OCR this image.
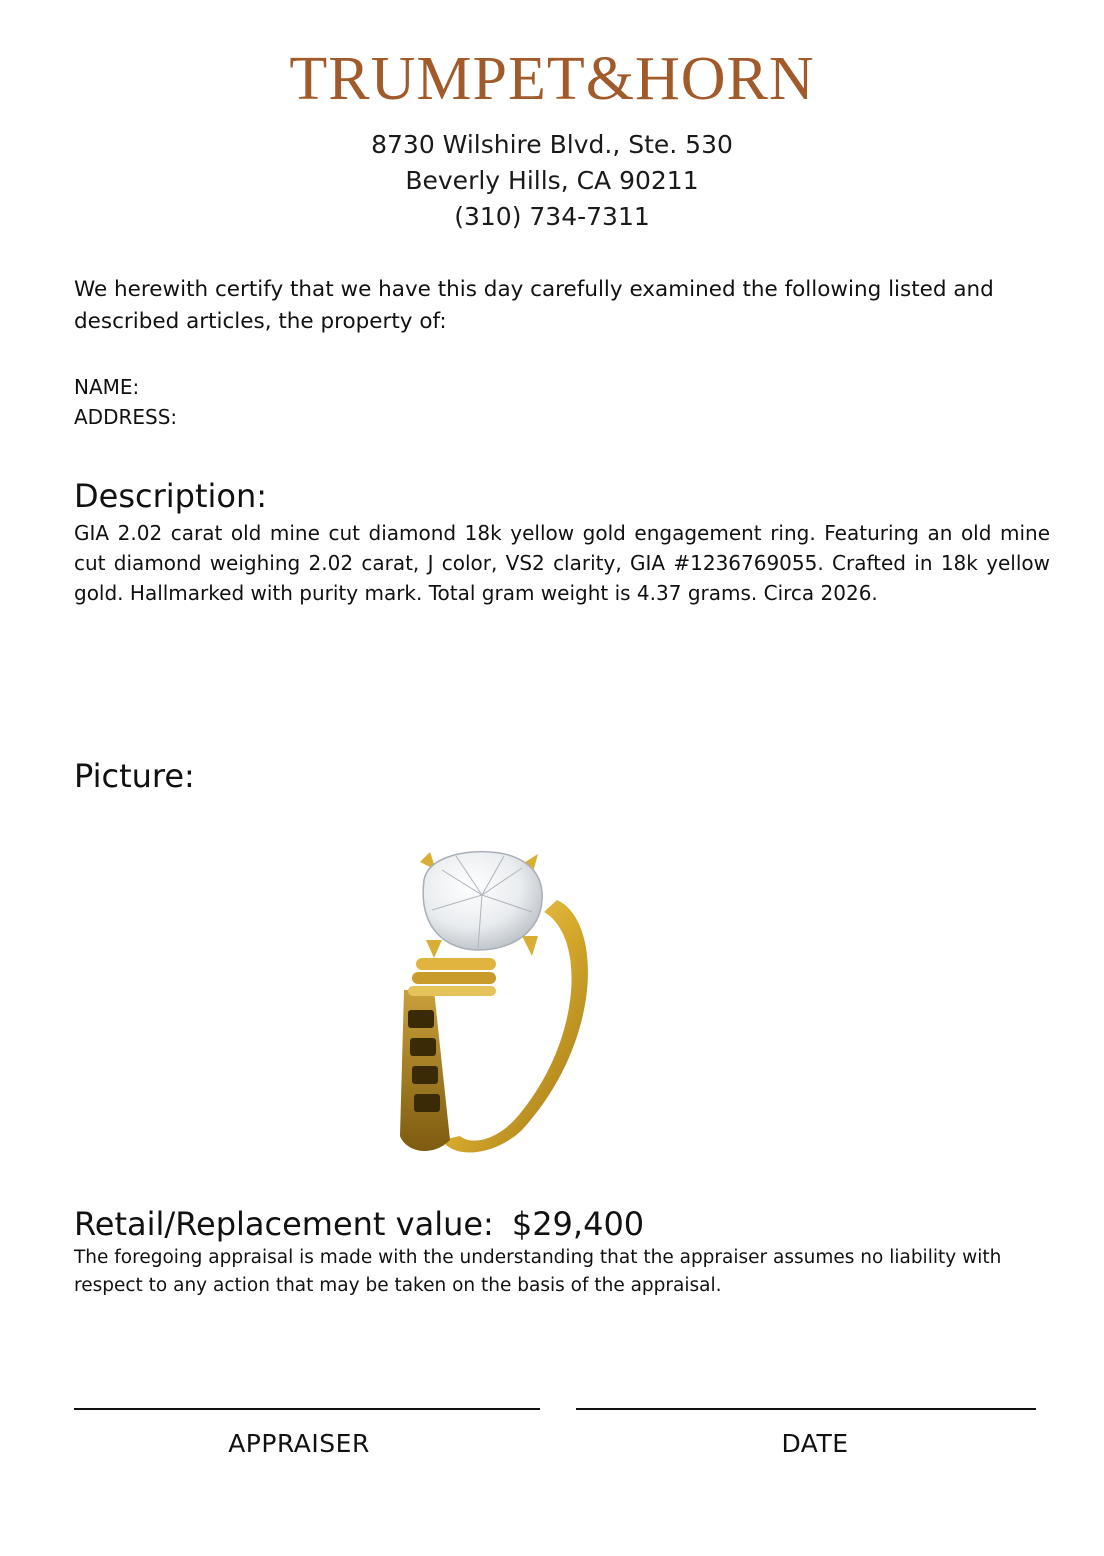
TRUMPET&HORN
8730 Wilshire Blvd., Ste. 530
Beverly Hills, CA 90211
(310) 734-7311
We herewith certify that we have this day carefully examined the following listed and described articles, the property of:
NAME:
ADDRESS:
Description:
GIA 2.02 carat old mine cut diamond 18k yellow gold engagement ring. Featuring an old mine cut diamond weighing 2.02 carat, J color, VS2 clarity, GIA #1236769055. Crafted in 18k yellow gold. Hallmarked with purity mark. Total gram weight is 4.37 grams. Circa 2026.
Picture:
Retail/Replacement value: $29,400
The foregoing appraisal is made with the understanding that the appraiser assumes no liability with respect to any action that may be taken on the basis of the appraisal.
APPRAISER	DATE
